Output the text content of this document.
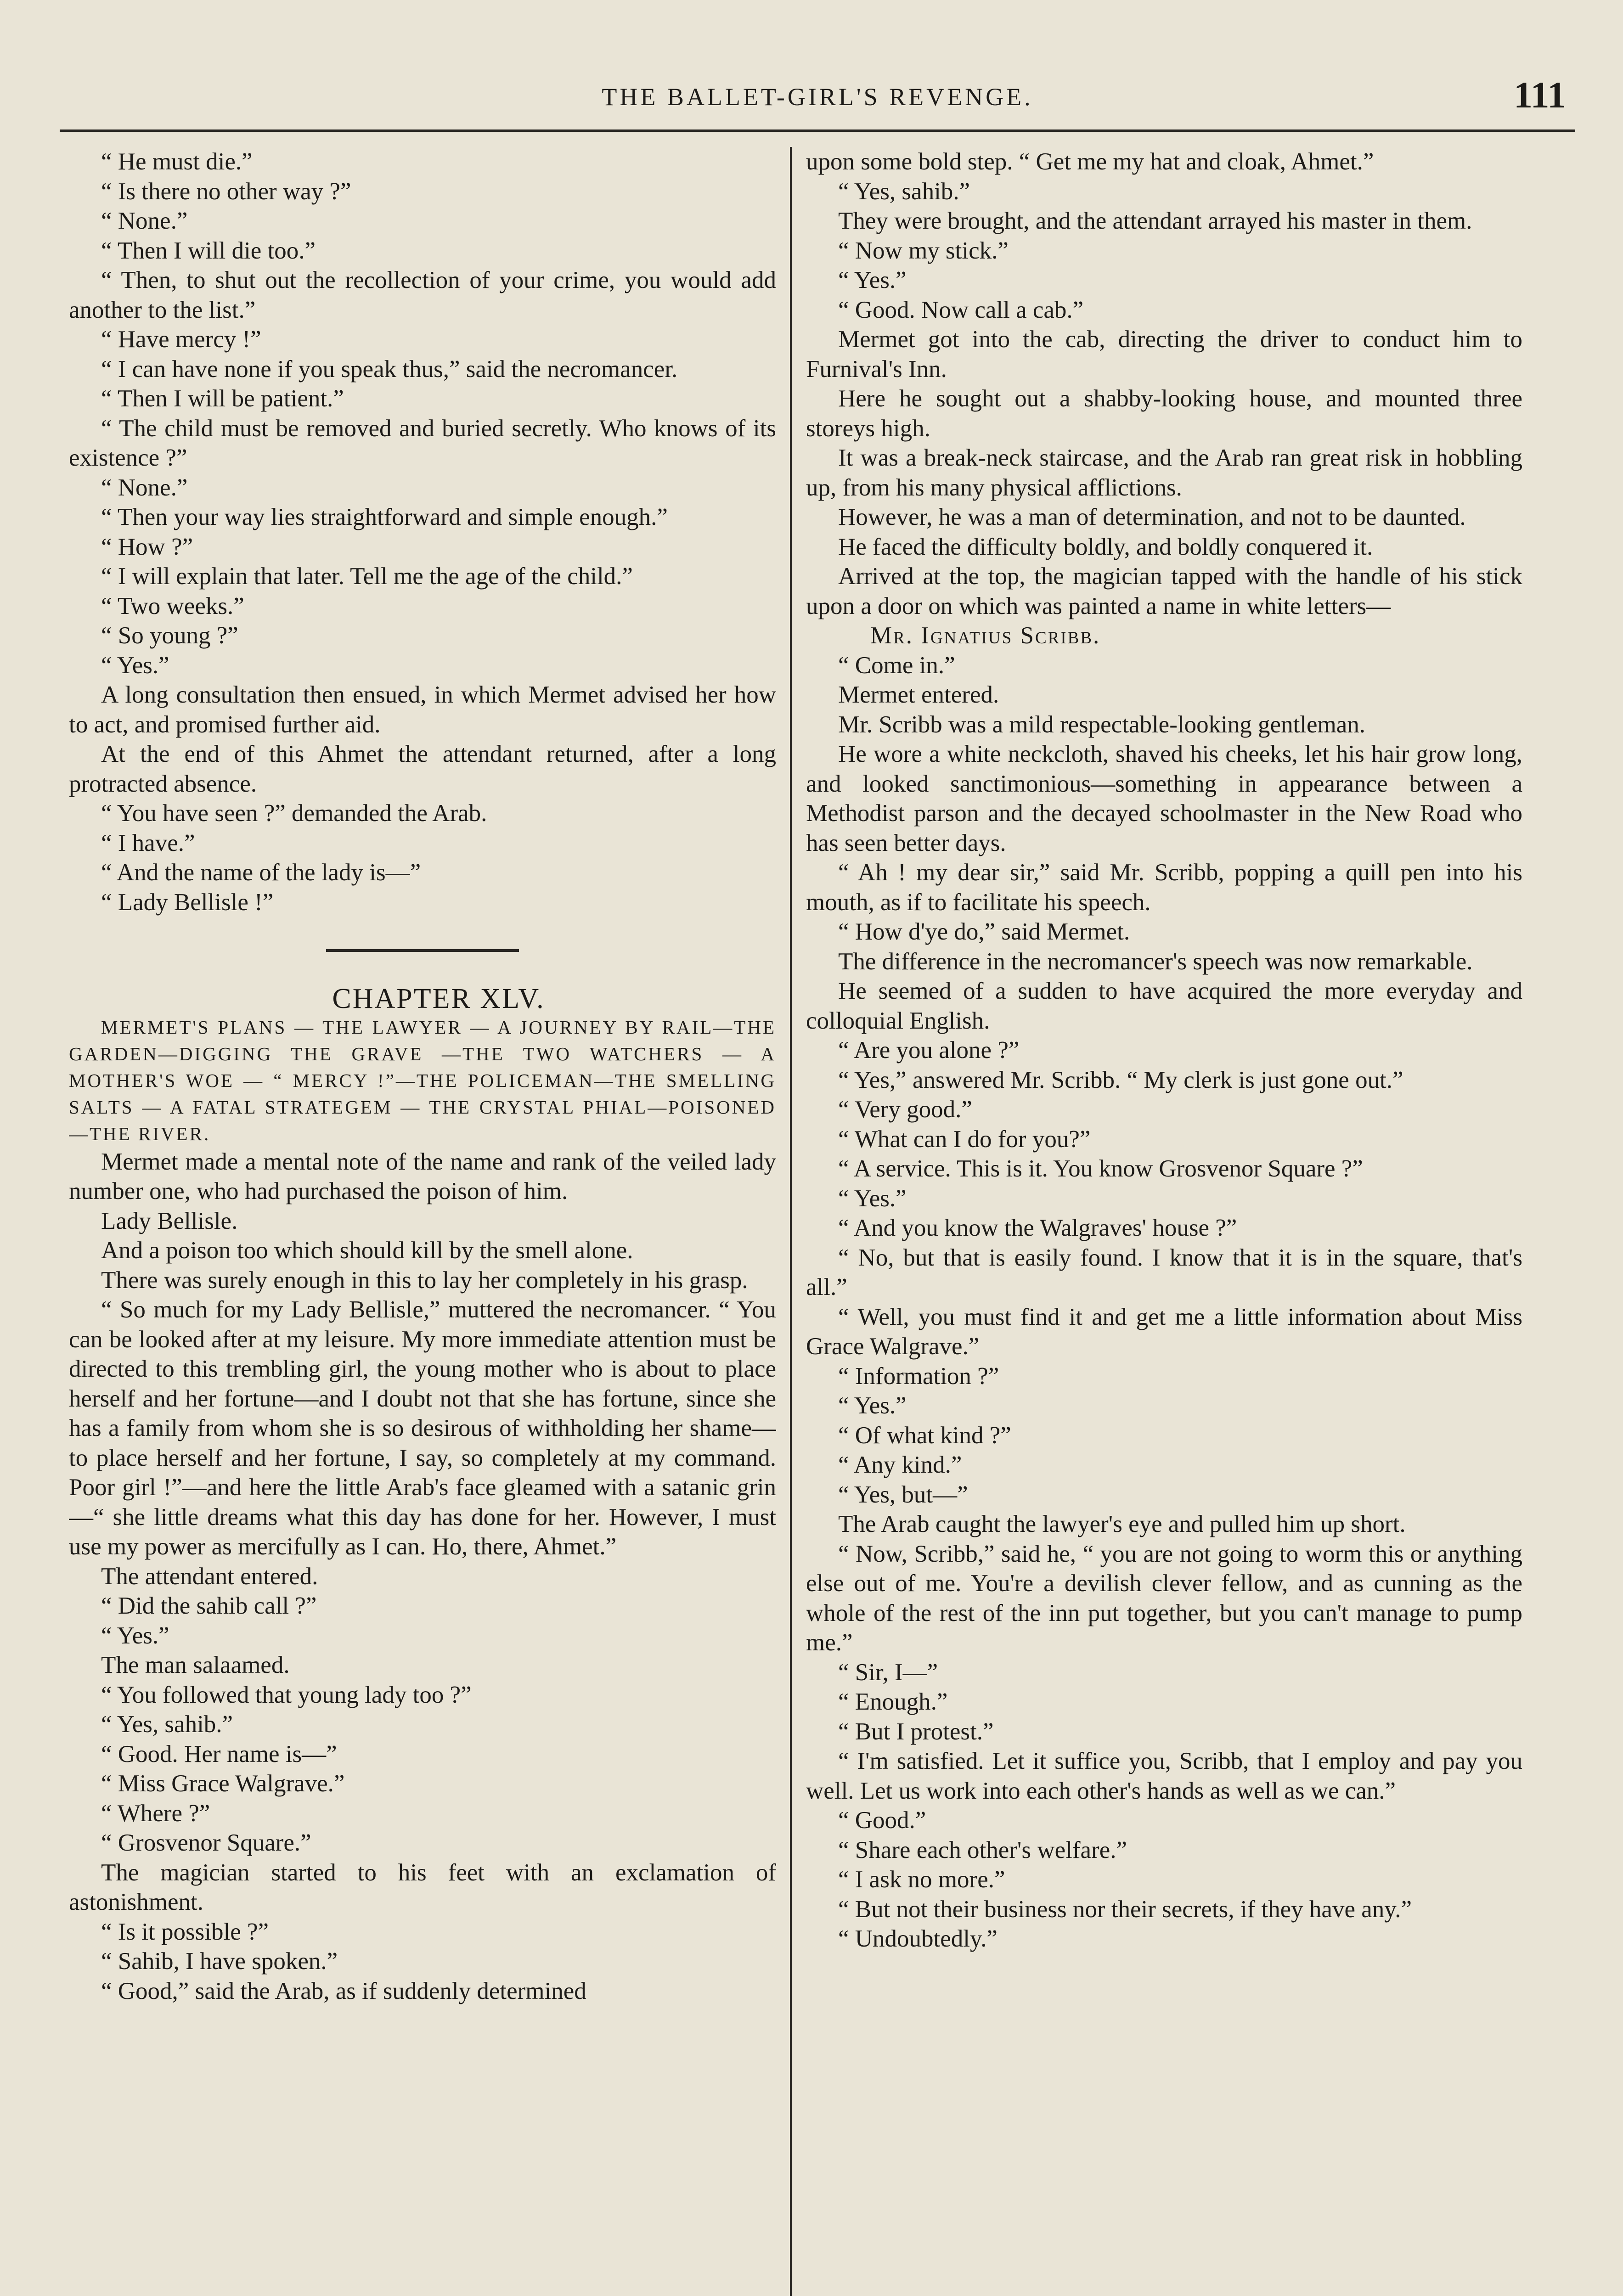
THE BALLET-GIRL'S REVENGE.	111

“ He must die.”

“ Is there no other way ?”

“ None.”

“ Then I will die too.”

“ Then, to shut out the recollection of your crime, you would add another to the list.”

“ Have mercy !”

“ I can have none if you speak thus,” said the necromancer.

“ Then I will be patient.”

“ The child must be removed and buried secretly. Who knows of its existence ?”

“ None.”

“ Then your way lies straightforward and simple enough.”

“ How ?”

“ I will explain that later. Tell me the age of the child.”

“ Two weeks.”

“ So young ?”

“ Yes.”

A long consultation then ensued, in which Mermet advised her how to act, and promised further aid.

At the end of this Ahmet the attendant returned, after a long protracted absence.

“ You have seen ?” demanded the Arab.

“ I have.”

“ And the name of the lady is—”

“ Lady Bellisle !”

CHAPTER XLV.

MERMET'S PLANS — THE LAWYER — A JOURNEY BY RAIL—THE GARDEN—DIGGING THE GRAVE —THE TWO WATCHERS — A MOTHER'S WOE — “ MERCY !”—THE POLICEMAN—THE SMELLING SALTS — A FATAL STRATEGEM — THE CRYSTAL PHIAL—POISONED—THE RIVER.

Mermet made a mental note of the name and rank of the veiled lady number one, who had purchased the poison of him.

Lady Bellisle.

And a poison too which should kill by the smell alone.

There was surely enough in this to lay her completely in his grasp.

“ So much for my Lady Bellisle,” muttered the necromancer. “ You can be looked after at my leisure. My more immediate attention must be directed to this trembling girl, the young mother who is about to place herself and her fortune—and I doubt not that she has fortune, since she has a family from whom she is so desirous of withholding her shame—to place herself and her fortune, I say, so completely at my command. Poor girl !”—and here the little Arab's face gleamed with a satanic grin—“ she little dreams what this day has done for her. However, I must use my power as mercifully as I can. Ho, there, Ahmet.”

The attendant entered.

“ Did the sahib call ?”

“ Yes.”

The man salaamed.

“ You followed that young lady too ?”

“ Yes, sahib.”

“ Good. Her name is—”

“ Miss Grace Walgrave.”

“ Where ?”

“ Grosvenor Square.”

The magician started to his feet with an exclamation of astonishment.

“ Is it possible ?”

“ Sahib, I have spoken.”

“ Good,” said the Arab, as if suddenly determined

upon some bold step. “ Get me my hat and cloak, Ahmet.”

“ Yes, sahib.”

They were brought, and the attendant arrayed his master in them.

“ Now my stick.”

“ Yes.”

“ Good. Now call a cab.”

Mermet got into the cab, directing the driver to conduct him to Furnival's Inn.

Here he sought out a shabby-looking house, and mounted three storeys high.

It was a break-neck staircase, and the Arab ran great risk in hobbling up, from his many physical afflictions.

However, he was a man of determination, and not to be daunted.

He faced the difficulty boldly, and boldly conquered it.

Arrived at the top, the magician tapped with the handle of his stick upon a door on which was painted a name in white letters—

Mr. Ignatius Scribb.

“ Come in.”

Mermet entered.

Mr. Scribb was a mild respectable-looking gentleman.

He wore a white neckcloth, shaved his cheeks, let his hair grow long, and looked sanctimonious—something in appearance between a Methodist parson and the decayed schoolmaster in the New Road who has seen better days.

“ Ah ! my dear sir,” said Mr. Scribb, popping a quill pen into his mouth, as if to facilitate his speech.

“ How d'ye do,” said Mermet.

The difference in the necromancer's speech was now remarkable.

He seemed of a sudden to have acquired the more everyday and colloquial English.

“ Are you alone ?”

“ Yes,” answered Mr. Scribb. “ My clerk is just gone out.”

“ Very good.”

“ What can I do for you?”

“ A service. This is it. You know Grosvenor Square ?”

“ Yes.”

“ And you know the Walgraves' house ?”

“ No, but that is easily found. I know that it is in the square, that's all.”

“ Well, you must find it and get me a little information about Miss Grace Walgrave.”

“ Information ?”

“ Yes.”

“ Of what kind ?”

“ Any kind.”

“ Yes, but—”

The Arab caught the lawyer's eye and pulled him up short.

“ Now, Scribb,” said he, “ you are not going to worm this or anything else out of me. You're a devilish clever fellow, and as cunning as the whole of the rest of the inn put together, but you can't manage to pump me.”

“ Sir, I—”

“ Enough.”

“ But I protest.”

“ I'm satisfied. Let it suffice you, Scribb, that I employ and pay you well. Let us work into each other's hands as well as we can.”

“ Good.”

“ Share each other's welfare.”

“ I ask no more.”

“ But not their business nor their secrets, if they have any.”

“ Undoubtedly.”
